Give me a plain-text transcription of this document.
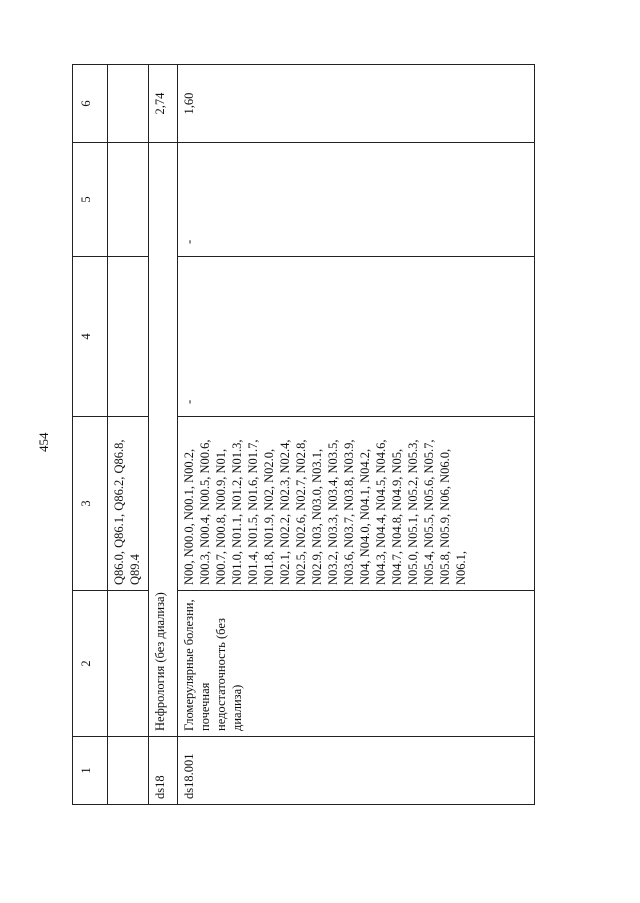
454
1	2	3	4	5	6
		Q86.0, Q86.1, Q86.2, Q86.8, Q89.4			
ds18	Нефрология (без диализа)				2,74
ds18.001	Гломерулярные болезни, почечная недостаточность (без диализа)	N00, N00.0, N00.1, N00.2, N00.3, N00.4, N00.5, N00.6, N00.7, N00.8, N00.9, N01, N01.0, N01.1, N01.2, N01.3, N01.4, N01.5, N01.6, N01.7, N01.8, N01.9, N02, N02.0, N02.1, N02.2, N02.3, N02.4, N02.5, N02.6, N02.7, N02.8, N02.9, N03, N03.0, N03.1, N03.2, N03.3, N03.4, N03.5, N03.6, N03.7, N03.8, N03.9, N04, N04.0, N04.1, N04.2, N04.3, N04.4, N04.5, N04.6, N04.7, N04.8, N04.9, N05, N05.0, N05.1, N05.2, N05.3, N05.4, N05.5, N05.6, N05.7, N05.8, N05.9, N06, N06.0, N06.1,	-	-	1,60
